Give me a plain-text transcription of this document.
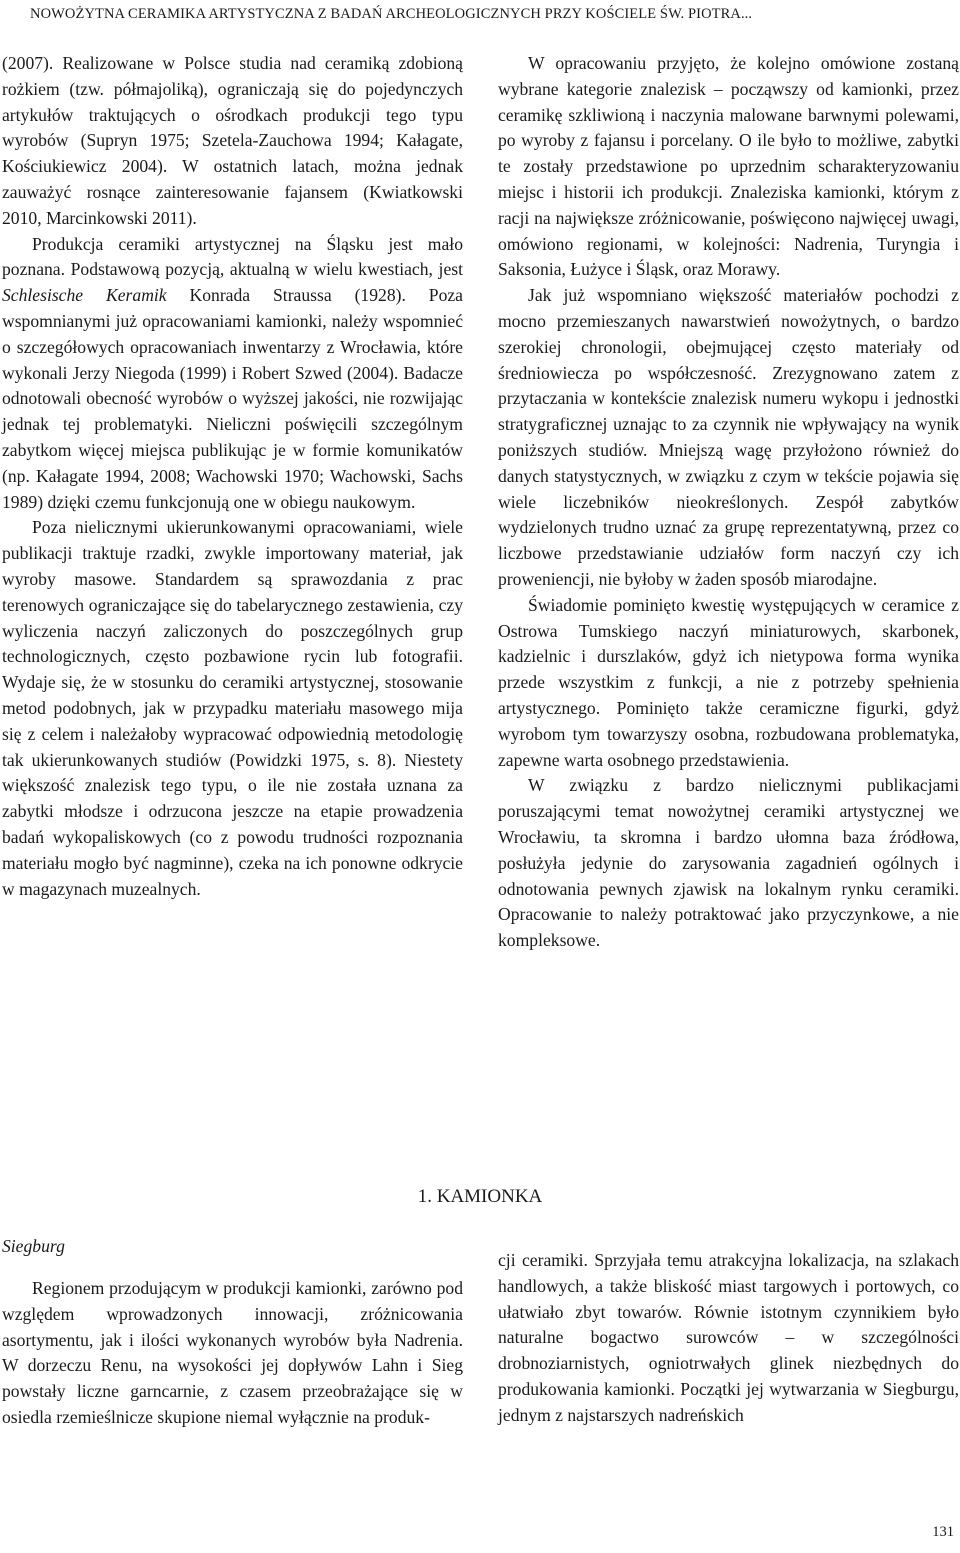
NOWOŻYTNA CERAMIKA ARTYSTYCZNA Z BADAŃ ARCHEOLOGICZNYCH PRZY KOŚCIELE ŚW. PIOTRA...

(2007). Realizowane w Polsce studia nad ceramiką zdobioną rożkiem (tzw. półmajoliką), ograniczają się do pojedynczych artykułów traktujących o ośrodkach produkcji tego typu wyrobów (Supryn 1975; Szetela-Zauchowa 1994; Kałagate, Kościukiewicz 2004). W ostatnich latach, można jednak zauważyć rosnące zainteresowanie fajansem (Kwiatkowski 2010, Marcinkowski 2011).

Produkcja ceramiki artystycznej na Śląsku jest mało poznana. Podstawową pozycją, aktualną w wielu kwestiach, jest Schlesische Keramik Konrada Straussa (1928). Poza wspomnianymi już opracowaniami kamionki, należy wspomnieć o szczegółowych opracowaniach inwentarzy z Wrocławia, które wykonali Jerzy Niegoda (1999) i Robert Szwed (2004). Badacze odnotowali obecność wyrobów o wyższej jakości, nie rozwijając jednak tej problematyki. Nieliczni poświęcili szczególnym zabytkom więcej miejsca publikując je w formie komunikatów (np. Kałagate 1994, 2008; Wachowski 1970; Wachowski, Sachs 1989) dzięki czemu funkcjonują one w obiegu naukowym.

Poza nielicznymi ukierunkowanymi opracowaniami, wiele publikacji traktuje rzadki, zwykle importowany materiał, jak wyroby masowe. Standardem są sprawozdania z prac terenowych ograniczające się do tabelarycznego zestawienia, czy wyliczenia naczyń zaliczonych do poszczególnych grup technologicznych, często pozbawione rycin lub fotografii. Wydaje się, że w stosunku do ceramiki artystycznej, stosowanie metod podobnych, jak w przypadku materiału masowego mija się z celem i należałoby wypracować odpowiednią metodologię tak ukierunkowanych studiów (Powidzki 1975, s. 8). Niestety większość znalezisk tego typu, o ile nie została uznana za zabytki młodsze i odrzucona jeszcze na etapie prowadzenia badań wykopaliskowych (co z powodu trudności rozpoznania materiału mogło być nagminne), czeka na ich ponowne odkrycie w magazynach muzealnych.

W opracowaniu przyjęto, że kolejno omówione zostaną wybrane kategorie znalezisk – począwszy od kamionki, przez ceramikę szkliwioną i naczynia malowane barwnymi polewami, po wyroby z fajansu i porcelany. O ile było to możliwe, zabytki te zostały przedstawione po uprzednim scharakteryzowaniu miejsc i historii ich produkcji. Znaleziska kamionki, którym z racji na największe zróżnicowanie, poświęcono najwięcej uwagi, omówiono regionami, w kolejności: Nadrenia, Turyngia i Saksonia, Łużyce i Śląsk, oraz Morawy.

Jak już wspomniano większość materiałów pochodzi z mocno przemieszanych nawarstwień nowożytnych, o bardzo szerokiej chronologii, obejmującej często materiały od średniowiecza po współczesność. Zrezygnowano zatem z przytaczania w kontekście znalezisk numeru wykopu i jednostki stratygraficznej uznając to za czynnik nie wpływający na wynik poniższych studiów. Mniejszą wagę przyłożono również do danych statystycznych, w związku z czym w tekście pojawia się wiele liczebników nieokreślonych. Zespół zabytków wydzielonych trudno uznać za grupę reprezentatywną, przez co liczbowe przedstawianie udziałów form naczyń czy ich proweniencji, nie byłoby w żaden sposób miarodajne.

Świadomie pominięto kwestię występujących w ceramice z Ostrowa Tumskiego naczyń miniaturowych, skarbonek, kadzielnic i durszlaków, gdyż ich nietypowa forma wynika przede wszystkim z funkcji, a nie z potrzeby spełnienia artystycznego. Pominięto także ceramiczne figurki, gdyż wyrobom tym towarzyszy osobna, rozbudowana problematyka, zapewne warta osobnego przedstawienia.

W związku z bardzo nielicznymi publikacjami poruszającymi temat nowożytnej ceramiki artystycznej we Wrocławiu, ta skromna i bardzo ułomna baza źródłowa, posłużyła jedynie do zarysowania zagadnień ogólnych i odnotowania pewnych zjawisk na lokalnym rynku ceramiki. Opracowanie to należy potraktować jako przyczynkowe, a nie kompleksowe.

1. KAMIONKA
Siegburg

Regionem przodującym w produkcji kamionki, zarówno pod względem wprowadzonych innowacji, zróżnicowania asortymentu, jak i ilości wykonanych wyrobów była Nadrenia. W dorzeczu Renu, na wysokości jej dopływów Lahn i Sieg powstały liczne garncarnie, z czasem przeobrażające się w osiedla rzemieślnicze skupione niemal wyłącznie na produk-

cji ceramiki. Sprzyjała temu atrakcyjna lokalizacja, na szlakach handlowych, a także bliskość miast targowych i portowych, co ułatwiało zbyt towarów. Równie istotnym czynnikiem było naturalne bogactwo surowców – w szczególności drobnoziarnistych, ogniotrwałych glinek niezbędnych do produkowania kamionki. Początki jej wytwarzania w Siegburgu, jednym z najstarszych nadreńskich

131
